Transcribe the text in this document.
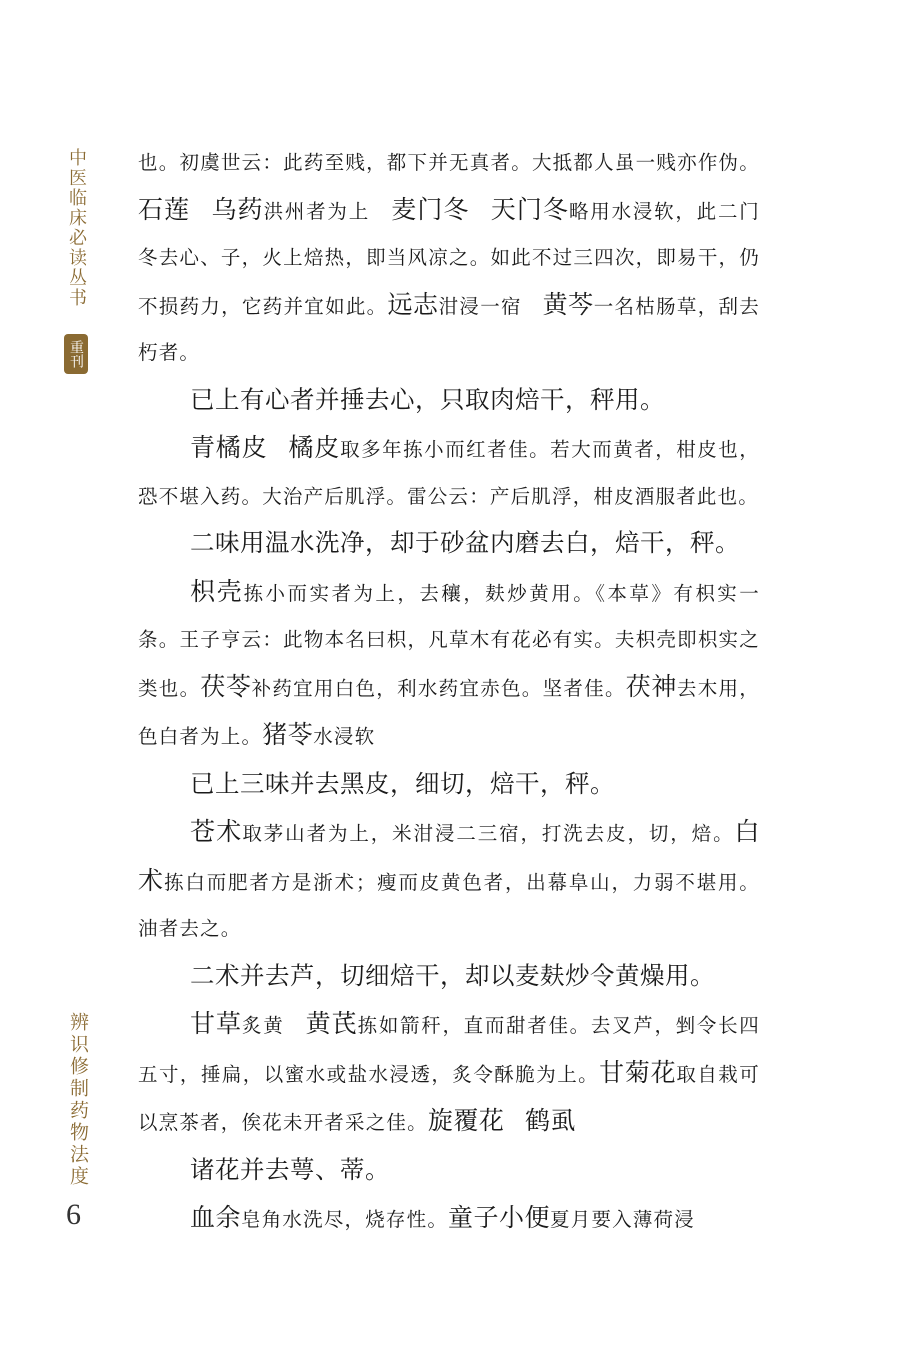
中医临床必读丛书
重刊
辨识修制药物法度
6

也。初虞世云：此药至贱，都下并无真者。大抵都人虽一贱亦作伪。石莲　 乌药洪州者为上　麦门冬　 天门冬略用水浸软，此二门冬去心、子，火上焙热，即当风凉之。如此不过三四次，即易干，仍不损药力，它药并宜如此。远志泔浸一宿　黄芩一名枯肠草，刮去朽者。

已上有心者并捶去心，只取肉焙干，秤用。

青橘皮　 橘皮取多年拣小而红者佳。若大而黄者，柑皮也，恐不堪入药。大治产后肌浮。雷公云：产后肌浮，柑皮酒服者此也。

二味用温水洗净，却于砂盆内磨去白，焙干，秤。

枳壳拣小而实者为上，去穰，麸炒黄用。《本草》有枳实一条。王子亨云：此物本名曰枳，凡草木有花必有实。夫枳壳即枳实之类也。茯苓补药宜用白色，利水药宜赤色。坚者佳。茯神去木用，色白者为上。猪苓水浸软

已上三味并去黑皮，细切，焙干，秤。

苍术取茅山者为上，米泔浸二三宿，打洗去皮，切，焙。白术拣白而肥者方是浙术；瘦而皮黄色者，出幕阜山，力弱不堪用。油者去之。

二术并去芦，切细焙干，却以麦麸炒令黄燥用。

甘草炙黄　黄芪拣如箭秆，直而甜者佳。去叉芦，剉令长四五寸，捶扁，以蜜水或盐水浸透，炙令酥脆为上。甘菊花取自栽可以烹茶者，俟花未开者采之佳。旋覆花　 鹤虱

诸花并去萼、蒂。

血余皂角水洗尽，烧存性。童子小便夏月要入薄荷浸
